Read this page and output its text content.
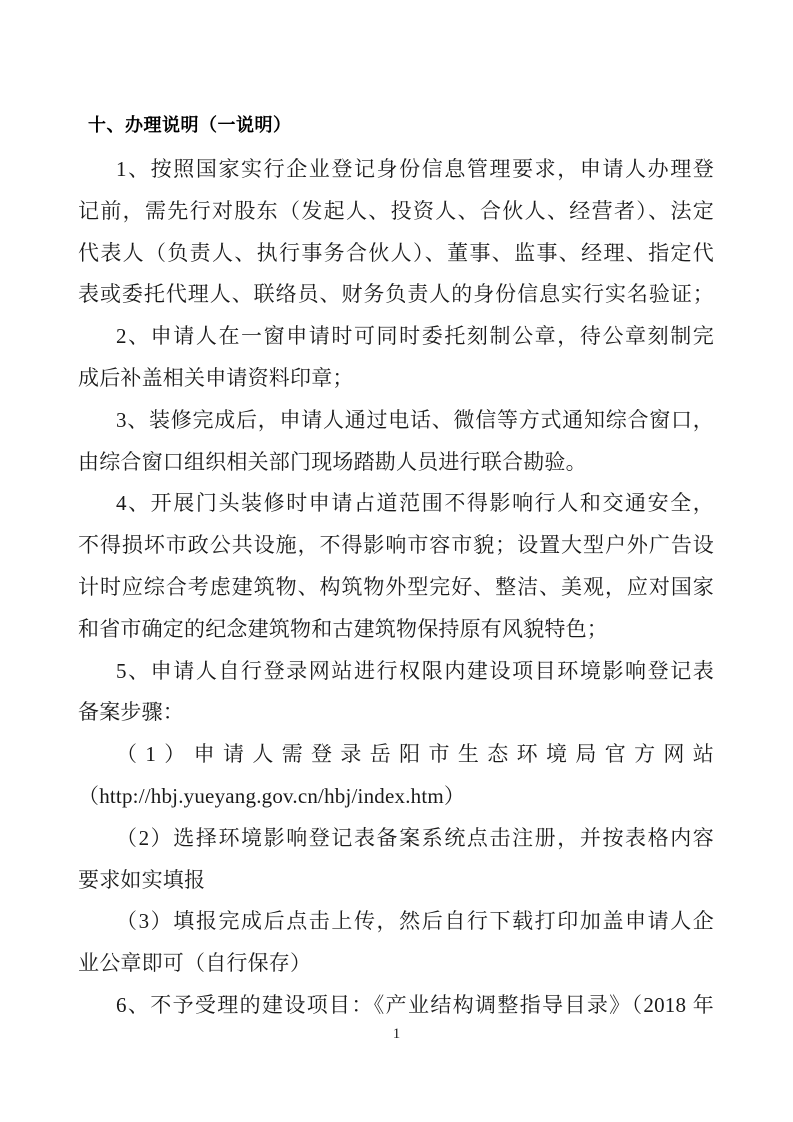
十、办理说明（一说明）
1、按照国家实行企业登记身份信息管理要求，申请人办理登
记前，需先行对股东（发起人、投资人、合伙人、经营者）、法定
代表人（负责人、执行事务合伙人）、董事、监事、经理、指定代
表或委托代理人、联络员、财务负责人的身份信息实行实名验证；
2、申请人在一窗申请时可同时委托刻制公章，待公章刻制完
成后补盖相关申请资料印章；
3、装修完成后，申请人通过电话、微信等方式通知综合窗口，
由综合窗口组织相关部门现场踏勘人员进行联合勘验。
4、开展门头装修时申请占道范围不得影响行人和交通安全，
不得损坏市政公共设施，不得影响市容市貌；设置大型户外广告设
计时应综合考虑建筑物、构筑物外型完好、整洁、美观，应对国家
和省市确定的纪念建筑物和古建筑物保持原有风貌特色；
5、申请人自行登录网站进行权限内建设项目环境影响登记表
备案步骤：
（1）申请人需登录岳阳市生态环境局官方网站
（http://hbj.yueyang.gov.cn/hbj/index.htm）
（2）选择环境影响登记表备案系统点击注册，并按表格内容
要求如实填报
（3）填报完成后点击上传，然后自行下载打印加盖申请人企
业公章即可（自行保存）
6、不予受理的建设项目：《产业结构调整指导目录》（2018 年
1
